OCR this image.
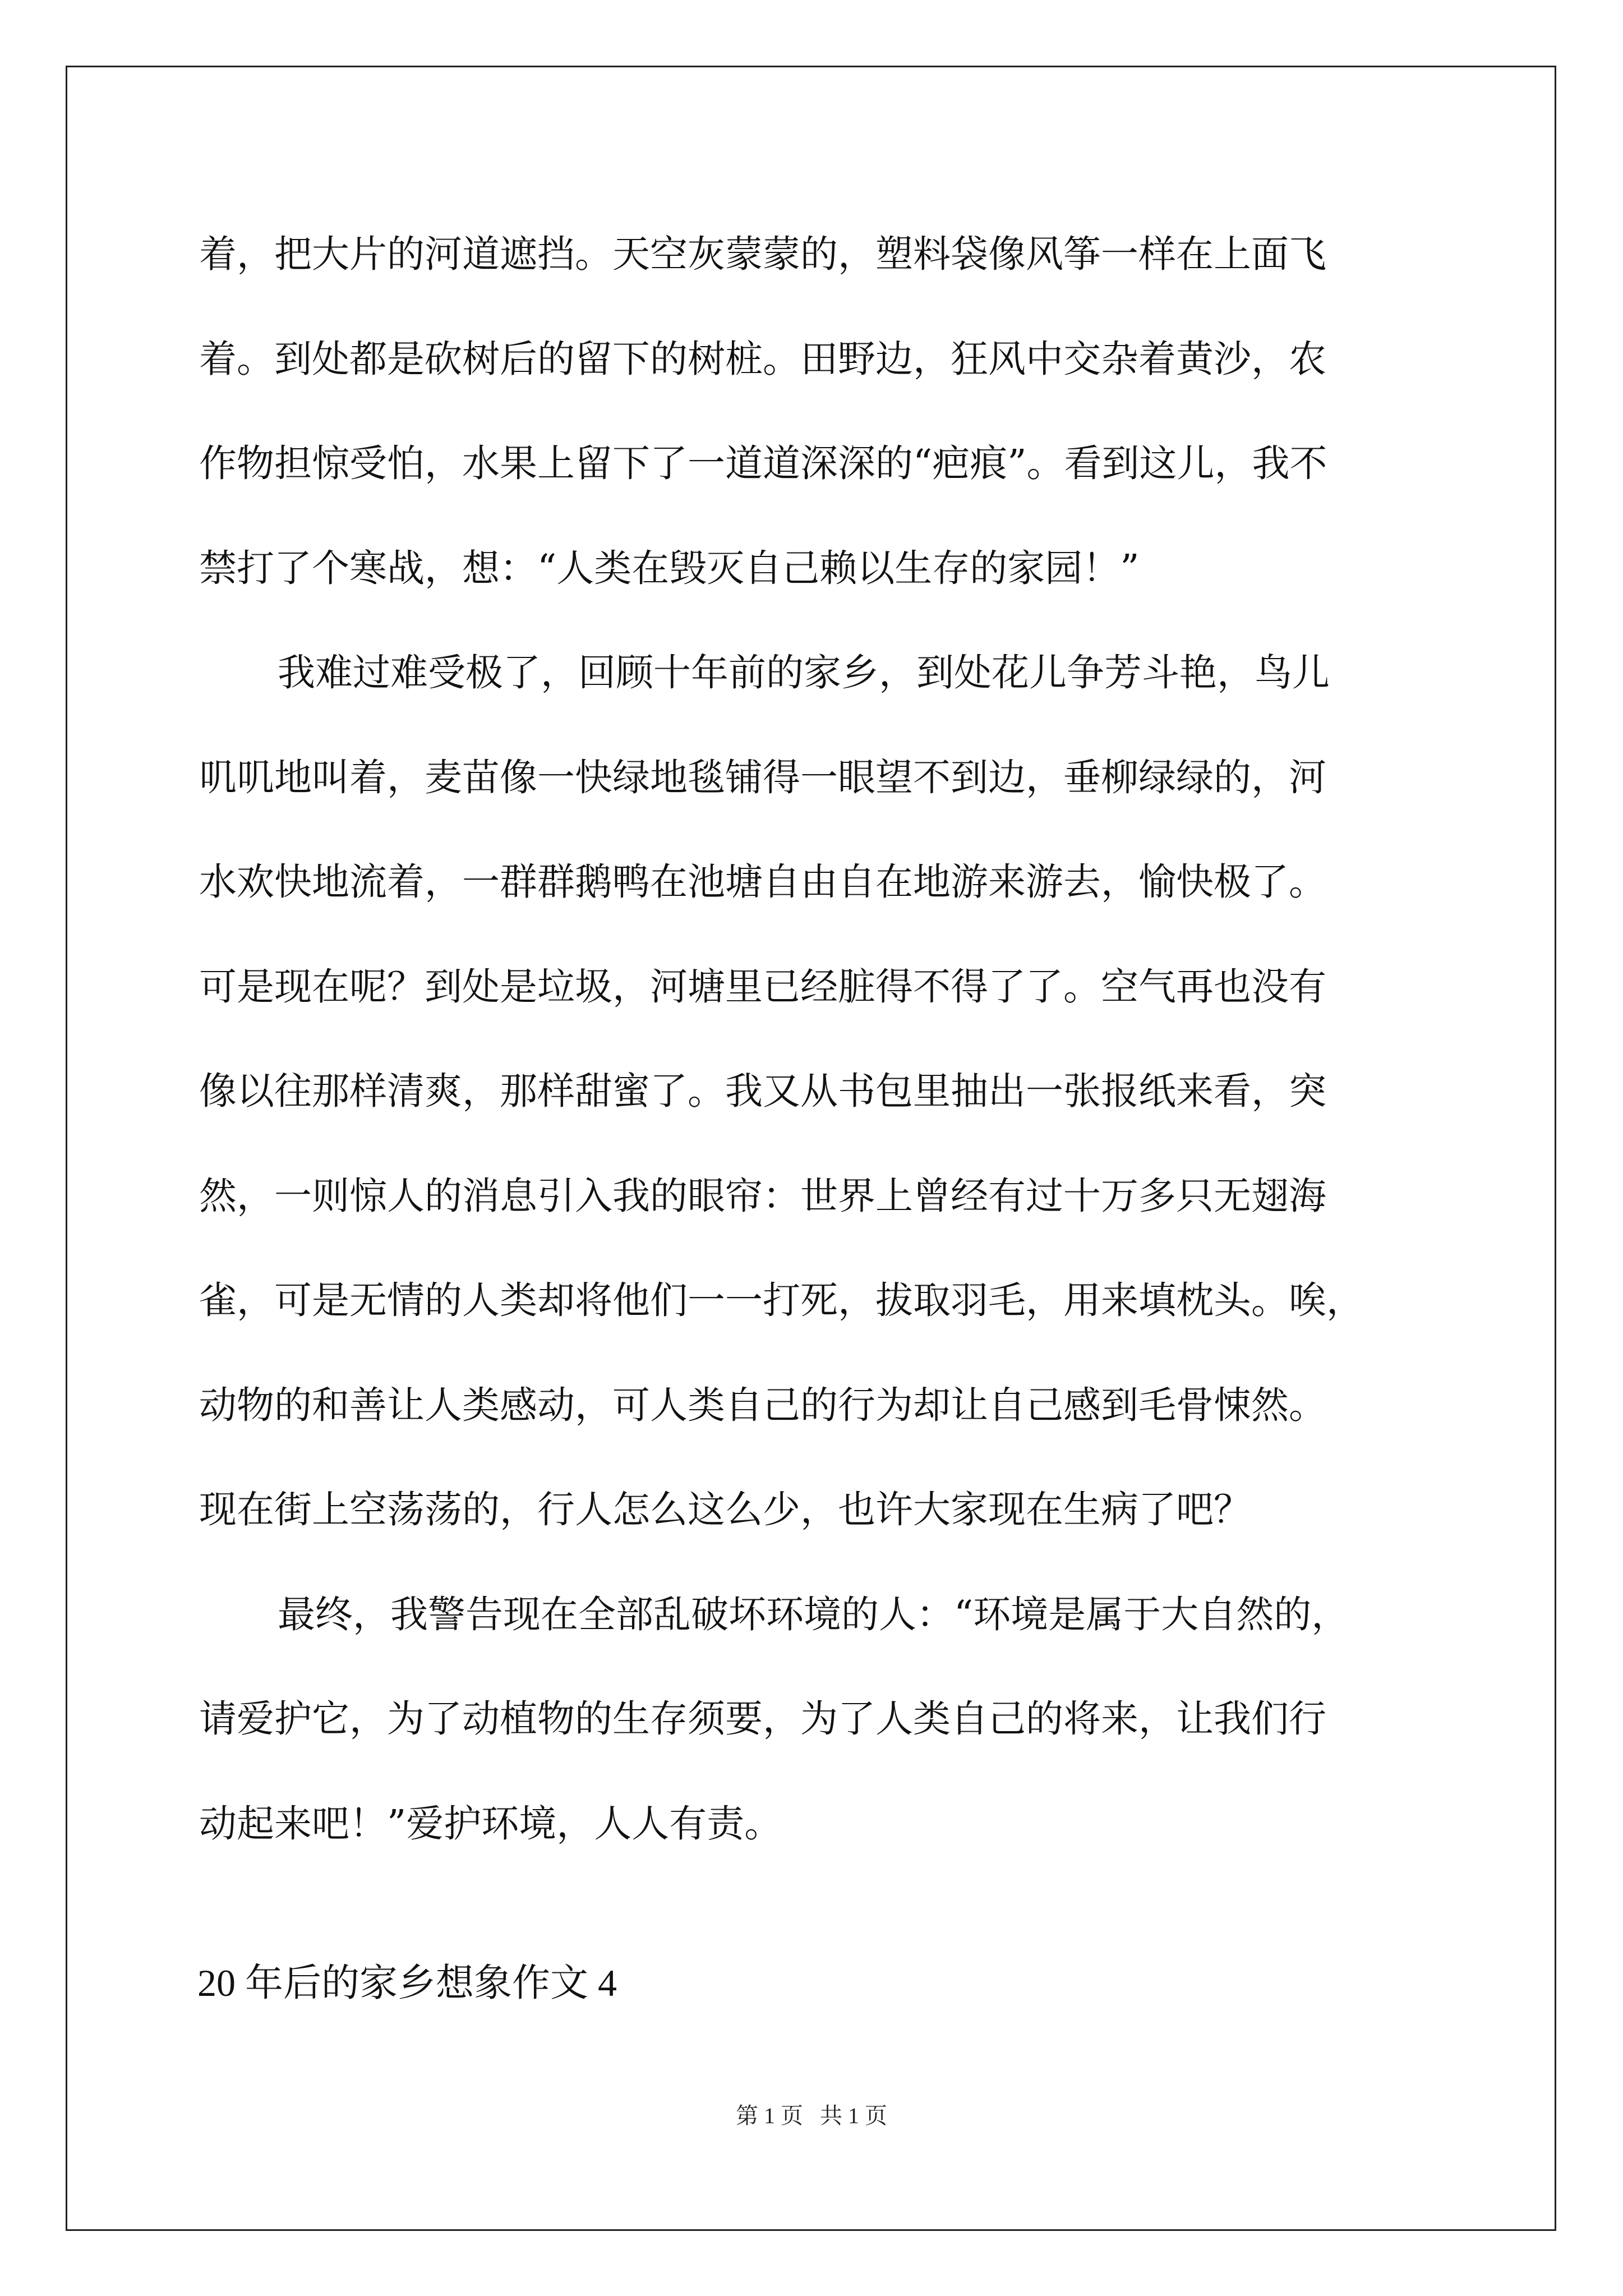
着，把大片的河道遮挡。天空灰蒙蒙的，塑料袋像风筝一样在上面飞
着。到处都是砍树后的留下的树桩。田野边，狂风中交杂着黄沙，农
作物担惊受怕，水果上留下了一道道深深的“疤痕”。看到这儿，我不
禁打了个寒战，想：“人类在毁灭自己赖以生存的家园！”
我难过难受极了，回顾十年前的家乡，到处花儿争芳斗艳，鸟儿
叽叽地叫着，麦苗像一快绿地毯铺得一眼望不到边，垂柳绿绿的，河
水欢快地流着，一群群鹅鸭在池塘自由自在地游来游去，愉快极了。
可是现在呢？到处是垃圾，河塘里已经脏得不得了了。空气再也没有
像以往那样清爽，那样甜蜜了。我又从书包里抽出一张报纸来看，突
然，一则惊人的消息引入我的眼帘：世界上曾经有过十万多只无翅海
雀，可是无情的人类却将他们一一打死，拔取羽毛，用来填枕头。唉，
动物的和善让人类感动，可人类自己的行为却让自己感到毛骨悚然。
现在街上空荡荡的，行人怎么这么少，也许大家现在生病了吧？
最终，我警告现在全部乱破坏环境的人：“环境是属于大自然的，
请爱护它，为了动植物的生存须要，为了人类自己的将来，让我们行
动起来吧！”爱护环境，人人有责。
20 年后的家乡想象作文 4
第 1 页   共 1 页
